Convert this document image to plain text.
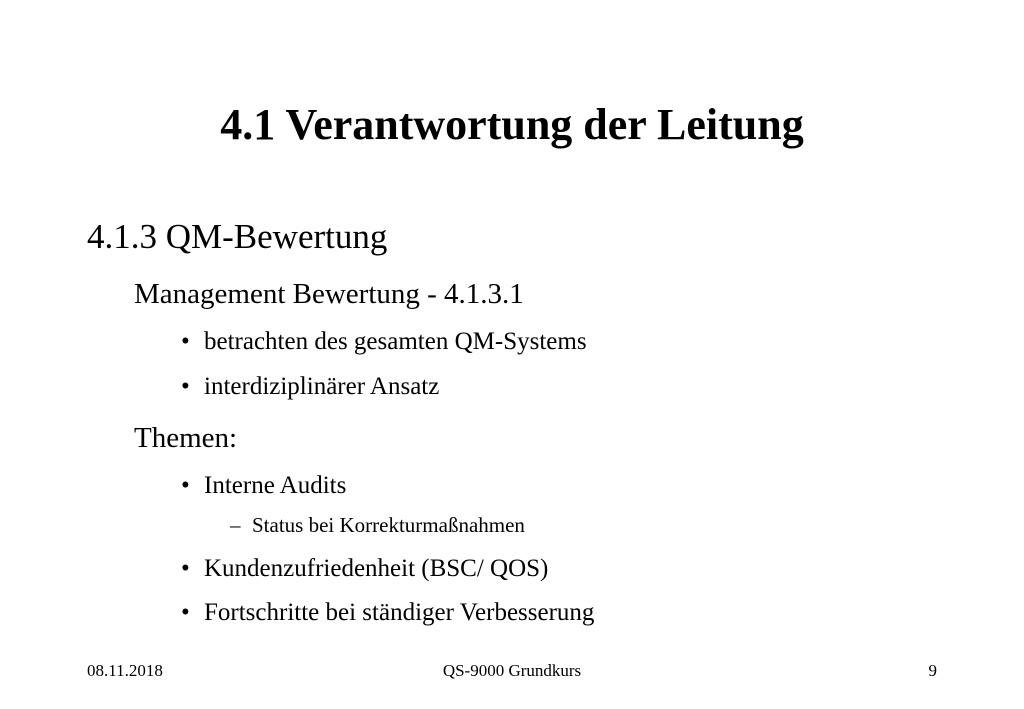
4.1 Verantwortung der Leitung
4.1.3 QM-Bewertung
Management Bewertung - 4.1.3.1
• betrachten des gesamten QM-Systems
• interdiziplinärer Ansatz
Themen:
• Interne Audits
– Status bei Korrekturmaßnahmen
• Kundenzufriedenheit (BSC/ QOS)
• Fortschritte bei ständiger Verbesserung
08.11.2018	QS-9000 Grundkurs	9
